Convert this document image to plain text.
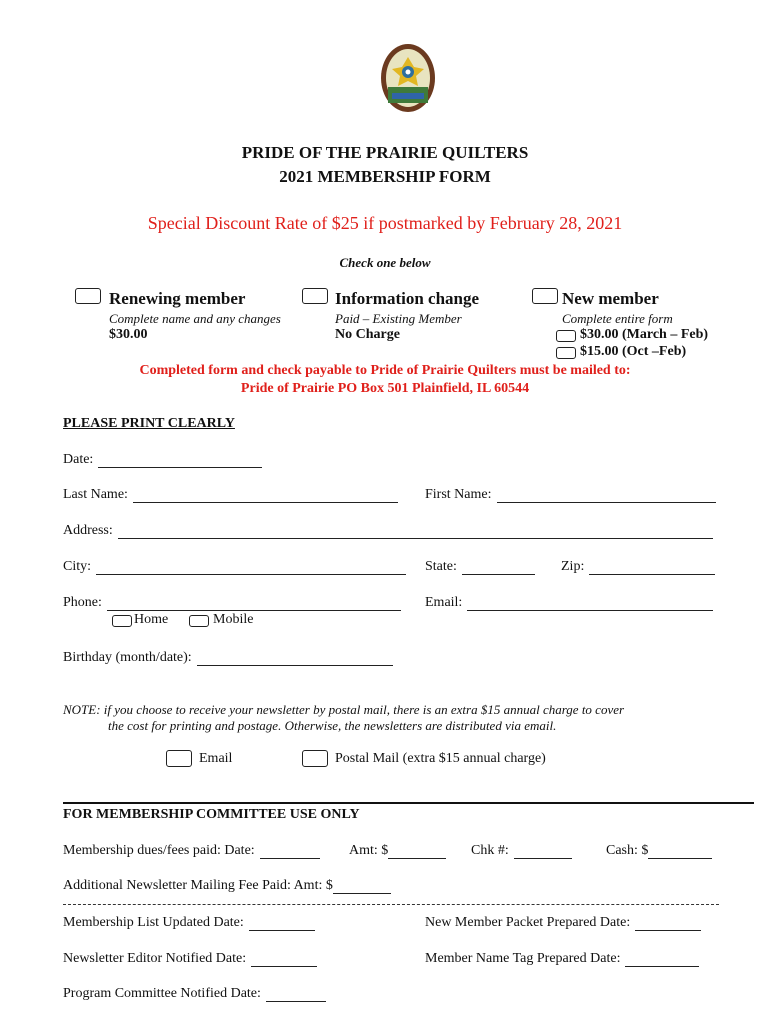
PRIDE OF THE PRAIRIE QUILTERS
2021 MEMBERSHIP FORM
Special Discount Rate of $25 if postmarked by February 28, 2021
Check one below
Renewing member
Complete name and any changes
$30.00
Information change
Paid – Existing Member
No Charge
New member
Complete entire form
$30.00 (March – Feb)
$15.00 (Oct –Feb)
Completed form and check payable to Pride of Prairie Quilters must be mailed to:
Pride of Prairie PO Box 501 Plainfield, IL 60544
PLEASE PRINT CLEARLY
Date:
Last Name:	First Name:
Address:
City:	State:	Zip:
Phone:	Email:
Home	Mobile
Birthday (month/date):
NOTE: if you choose to receive your newsletter by postal mail, there is an extra $15 annual charge to cover
the cost for printing and postage. Otherwise, the newsletters are distributed via email.
Email	Postal Mail (extra $15 annual charge)
FOR MEMBERSHIP COMMITTEE USE ONLY
Membership dues/fees paid: Date:	Amt: $	Chk #:	Cash: $
Additional Newsletter Mailing Fee Paid: Amt: $
Membership List Updated Date:	New Member Packet Prepared Date:
Newsletter Editor Notified Date:	Member Name Tag Prepared Date:
Program Committee Notified Date:
